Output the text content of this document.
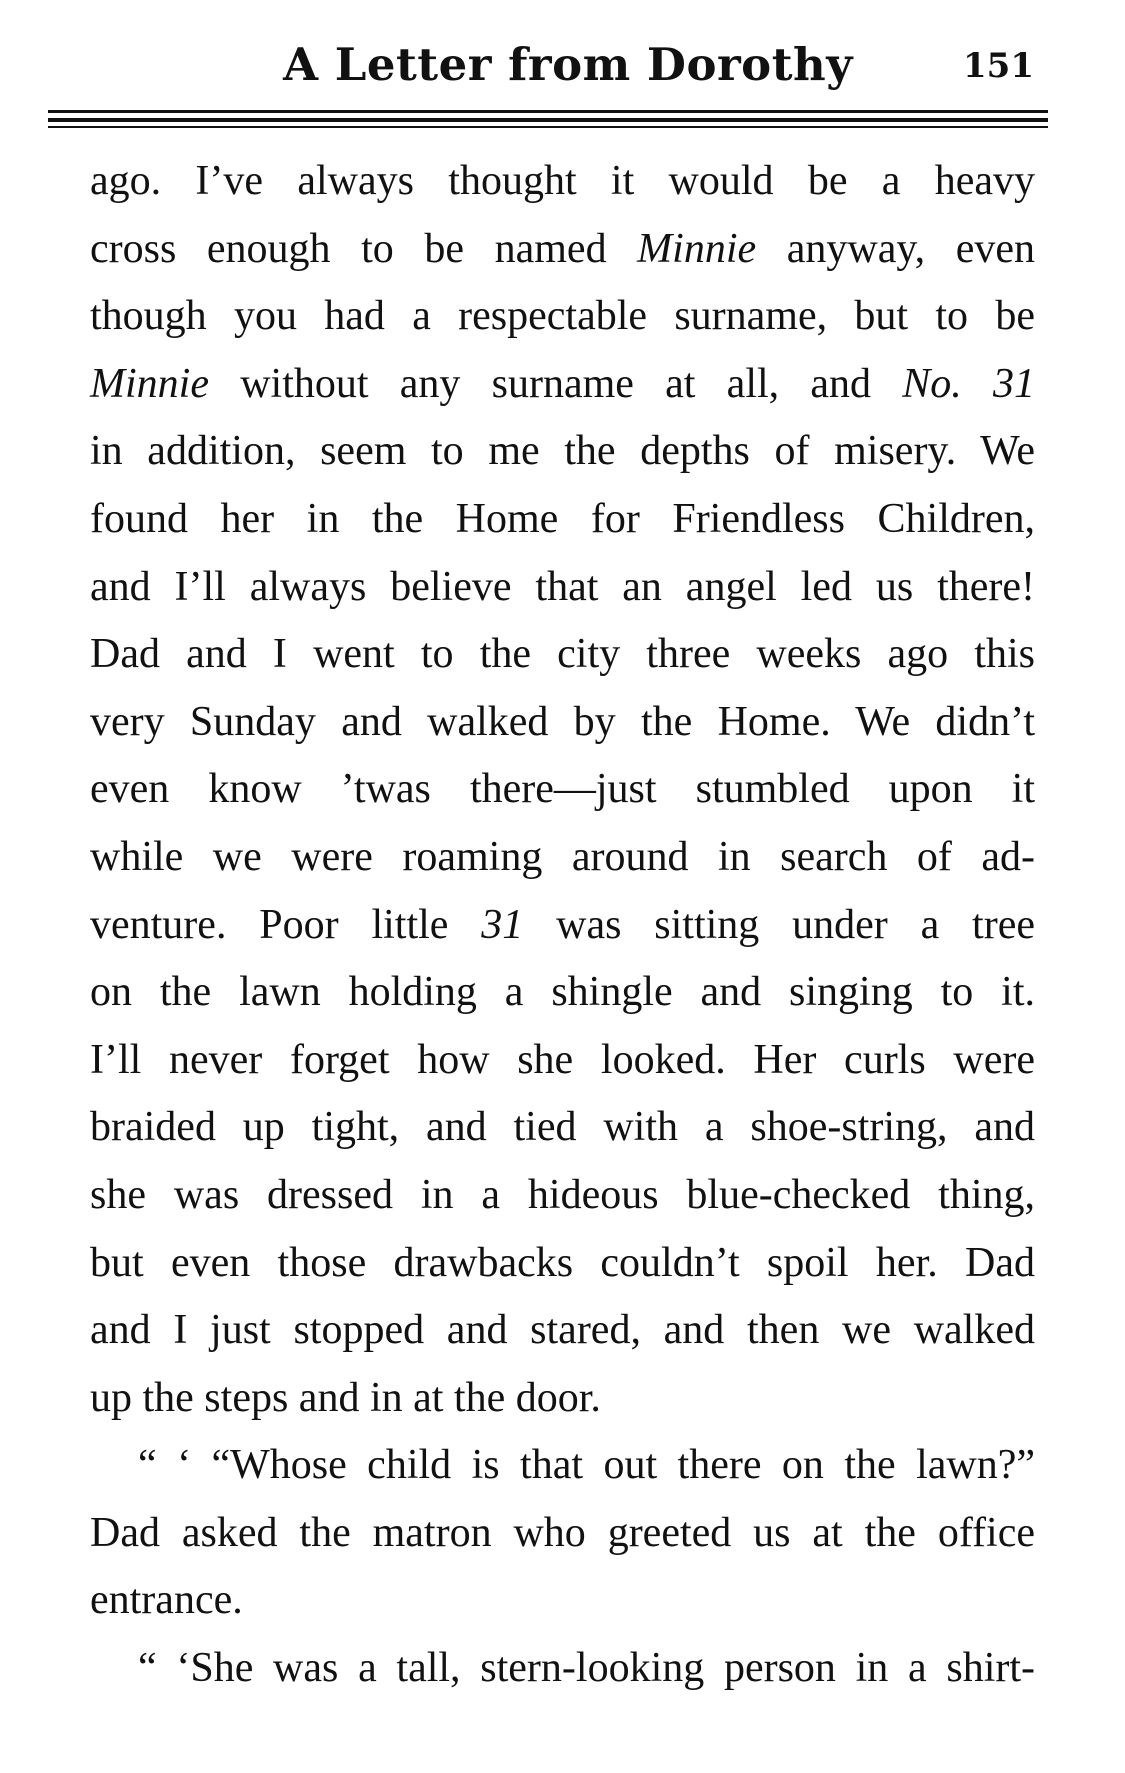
A Letter from Dorothy	151
ago. I’ve always thought it would be a heavy
cross enough to be named Minnie anyway, even
though you had a respectable surname, but to be
Minnie without any surname at all, and No. 31
in addition, seem to me the depths of misery. We
found her in the Home for Friendless Children,
and I’ll always believe that an angel led us there!
Dad and I went to the city three weeks ago this
very Sunday and walked by the Home. We didn’t
even know ’twas there—just stumbled upon it
while we were roaming around in search of ad-
venture. Poor little 31 was sitting under a tree
on the lawn holding a shingle and singing to it.
I’ll never forget how she looked. Her curls were
braided up tight, and tied with a shoe-string, and
she was dressed in a hideous blue-checked thing,
but even those drawbacks couldn’t spoil her. Dad
and I just stopped and stared, and then we walked
up the steps and in at the door.
“ ‘ “Whose child is that out there on the lawn?”
Dad asked the matron who greeted us at the office
entrance.
“ ‘She was a tall, stern-looking person in a shirt-
